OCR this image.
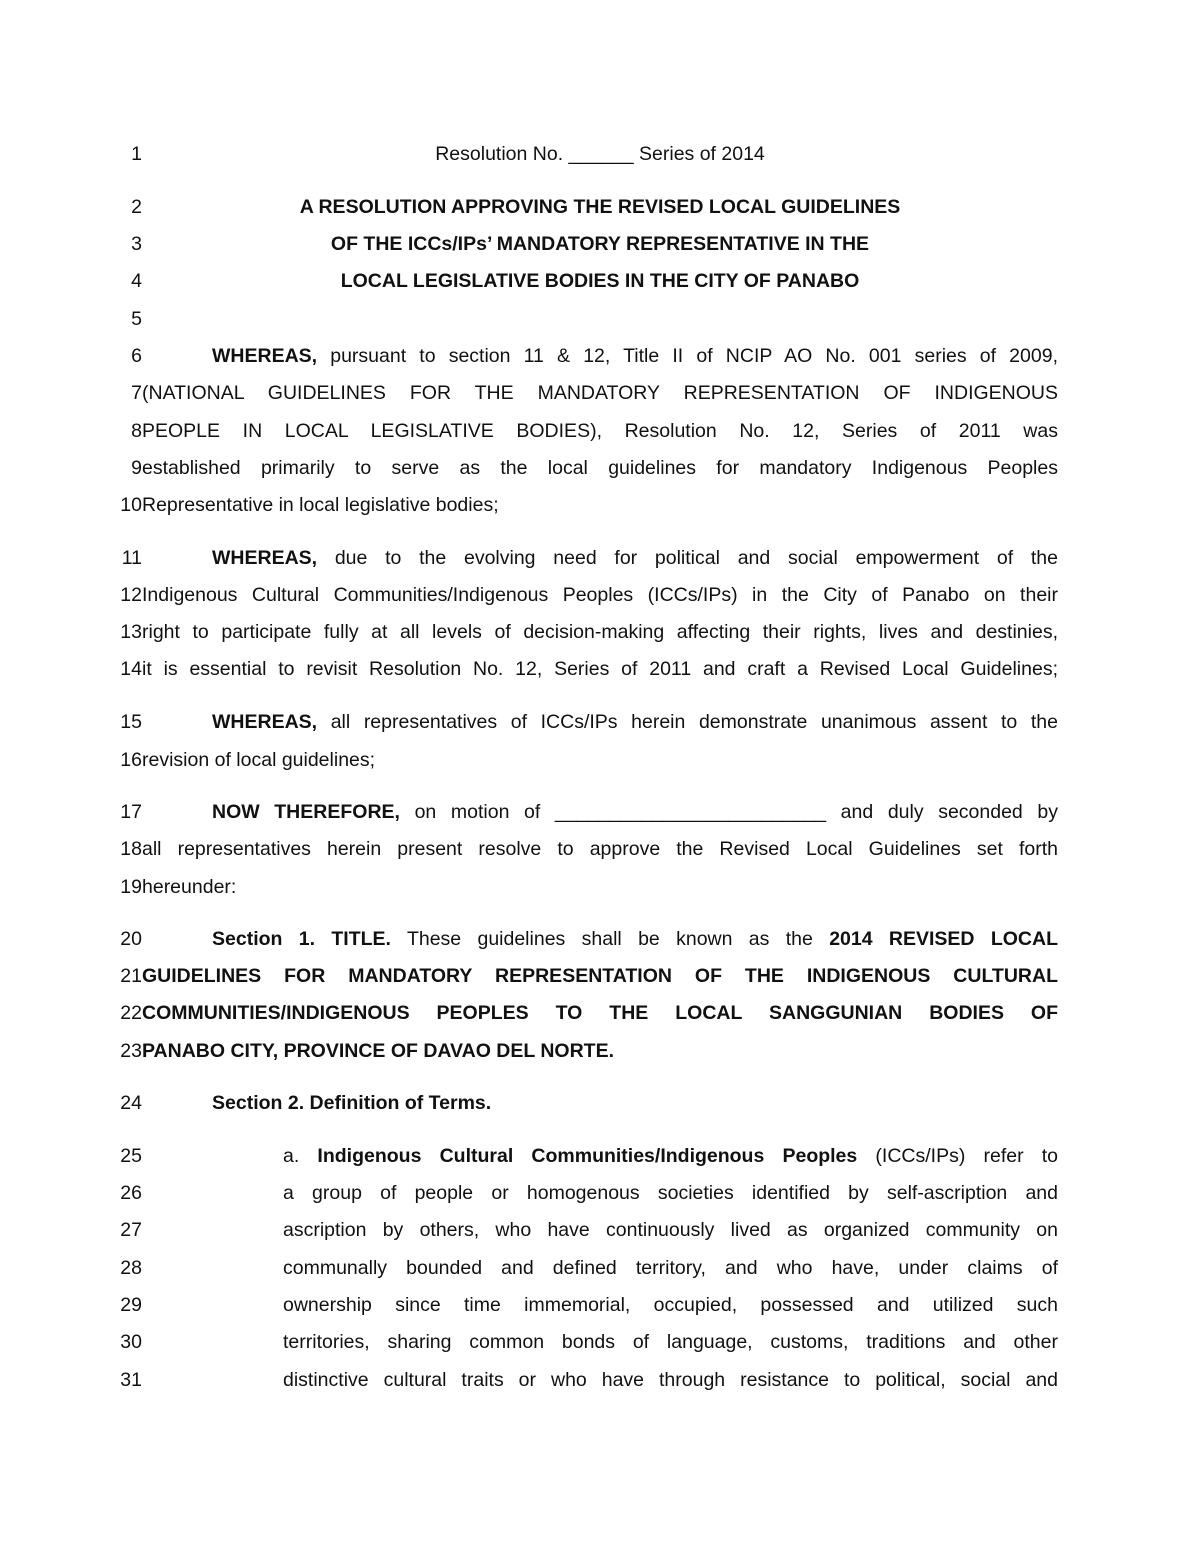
1	Resolution No. ______ Series of 2014
2	A RESOLUTION APPROVING THE REVISED LOCAL GUIDELINES
3	OF THE ICCs/IPs’ MANDATORY REPRESENTATIVE IN THE
4	LOCAL LEGISLATIVE BODIES IN THE CITY OF PANABO
5
6	WHEREAS, pursuant to section 11 & 12, Title II of NCIP AO No. 001 series of 2009,
7 (NATIONAL GUIDELINES FOR THE MANDATORY REPRESENTATION OF INDIGENOUS
8 PEOPLE IN LOCAL LEGISLATIVE BODIES), Resolution No. 12, Series of 2011 was
9 established primarily to serve as the local guidelines for mandatory Indigenous Peoples
10 Representative in local legislative bodies;
11	WHEREAS, due to the evolving need for political and social empowerment of the
12 Indigenous Cultural Communities/Indigenous Peoples (ICCs/IPs) in the City of Panabo on their
13 right to participate fully at all levels of decision-making affecting their rights, lives and destinies,
14 it is essential to revisit Resolution No. 12, Series of 2011 and craft a Revised Local Guidelines;
15	WHEREAS, all representatives of ICCs/IPs herein demonstrate unanimous assent to the
16 revision of local guidelines;
17	NOW THEREFORE, on motion of _________________________ and duly seconded by
18 all representatives herein present resolve to approve the Revised Local Guidelines set forth
19 hereunder:
20	Section 1. TITLE. These guidelines shall be known as the 2014 REVISED LOCAL
21 GUIDELINES FOR MANDATORY REPRESENTATION OF THE INDIGENOUS CULTURAL
22 COMMUNITIES/INDIGENOUS PEOPLES TO THE LOCAL SANGGUNIAN BODIES OF
23 PANABO CITY, PROVINCE OF DAVAO DEL NORTE.
24	Section 2. Definition of Terms.
25	a. Indigenous Cultural Communities/Indigenous Peoples (ICCs/IPs) refer to
26	a group of people or homogenous societies identified by self-ascription and
27	ascription by others, who have continuously lived as organized community on
28	communally bounded and defined territory, and who have, under claims of
29	ownership since time immemorial, occupied, possessed and utilized such
30	territories, sharing common bonds of language, customs, traditions and other
31	distinctive cultural traits or who have through resistance to political, social and
